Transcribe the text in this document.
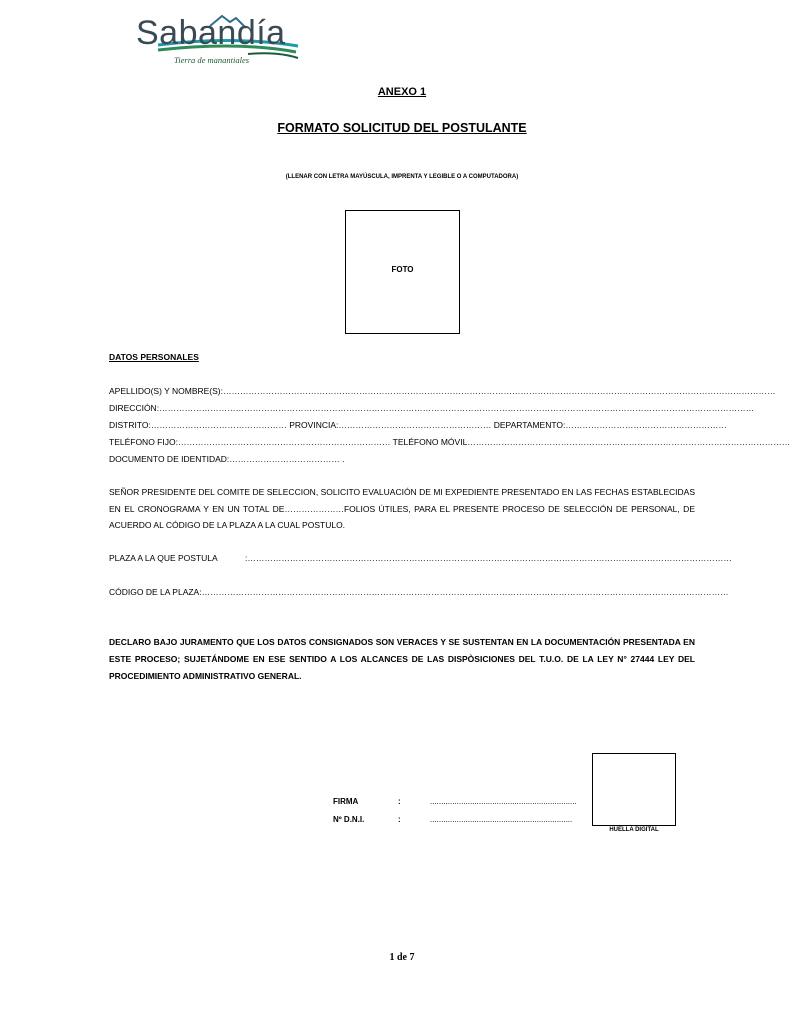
Sabandía
Tierra de manantiales
ANEXO 1
FORMATO SOLICITUD DEL POSTULANTE
(LLENAR CON LETRA MAYÚSCULA, IMPRENTA Y LEGIBLE O A COMPUTADORA)
FOTO
DATOS PERSONALES
APELLIDO(S) Y NOMBRE(S):……………………………………………………………………………………………………………………………………………………………………………
DIRECCIÓN:…………………………………………………………………………………………………………………………………………………………………………………………
DISTRITO:………………………………………… PROVINCIA:……………………………………………… DEPARTAMENTO:…………………………………………………
TELÉFONO FIJO:………………………………………………………………… TELÉFONO MÓVIL……………………………………………………………………………………………………
DOCUMENTO DE IDENTIDAD:………………………………… .
SEÑOR PRESIDENTE DEL COMITE DE SELECCION, SOLICITO EVALUACIÓN DE MI EXPEDIENTE PRESENTADO EN LAS FECHAS ESTABLECIDAS EN EL CRONOGRAMA Y EN UN TOTAL DE…………………FOLIOS ÚTILES, PARA EL PRESENTE PROCESO DE SELECCIÓN DE PERSONAL, DE ACUERDO AL CÓDIGO DE LA PLAZA A LA CUAL POSTULO.
PLAZA A LA QUE POSTULA	:………………………………………………………………………………………………………………………………………………………
CÓDIGO DE LA PLAZA:……………………………………………………………………………………………………………………………………………………………………
DECLARO BAJO JURAMENTO QUE LOS DATOS CONSIGNADOS SON VERACES Y SE SUSTENTAN EN LA DOCUMENTACIÓN PRESENTADA EN ESTE PROCESO; SUJETÁNDOME EN ESE SENTIDO A LOS ALCANCES DE LAS DISPÒSICIONES DEL T.U.O. DE LA LEY N° 27444 LEY DEL PROCEDIMIENTO ADMINISTRATIVO GENERAL.
FIRMA	:	..................................................................
Nº D.N.I.	:	................................................................
HUELLA DIGITAL
1 de 7
